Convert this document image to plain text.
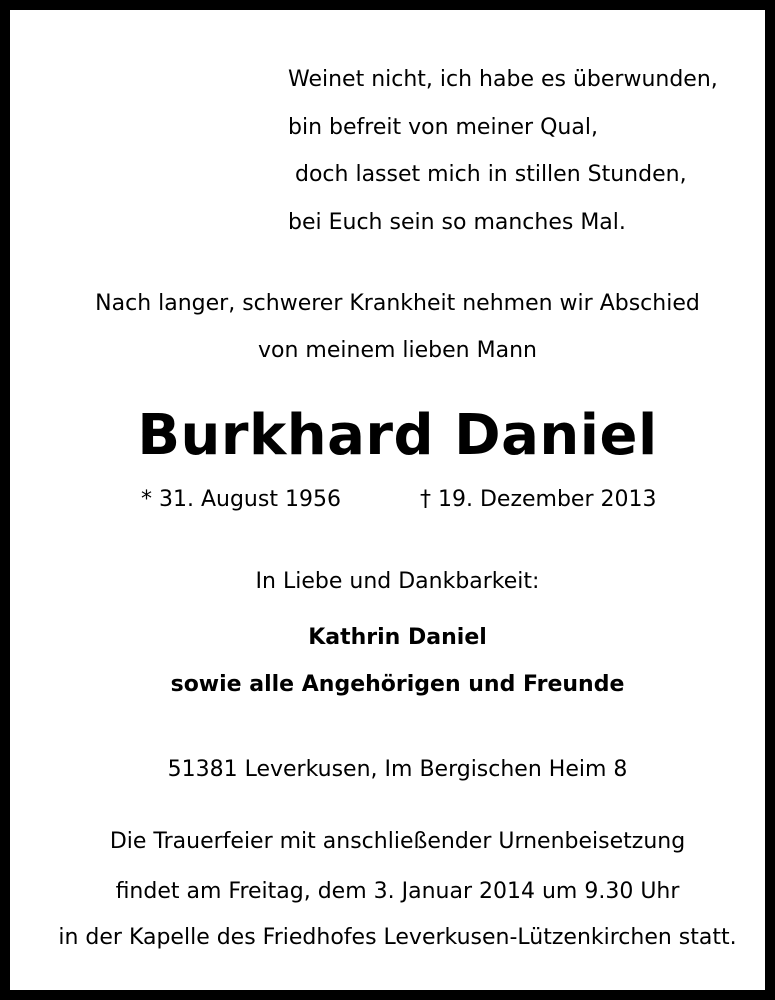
Weinet nicht, ich habe es überwunden,
bin befreit von meiner Qual,
doch lasset mich in stillen Stunden,
bei Euch sein so manches Mal.
Nach langer, schwerer Krankheit nehmen wir Abschied
von meinem lieben Mann
Burkhard Daniel
* 31. August 1956	† 19. Dezember 2013
In Liebe und Dankbarkeit:
Kathrin Daniel
sowie alle Angehörigen und Freunde
51381 Leverkusen, Im Bergischen Heim 8
Die Trauerfeier mit anschließender Urnenbeisetzung
findet am Freitag, dem 3. Januar 2014 um 9.30 Uhr
in der Kapelle des Friedhofes Leverkusen-Lützenkirchen statt.
